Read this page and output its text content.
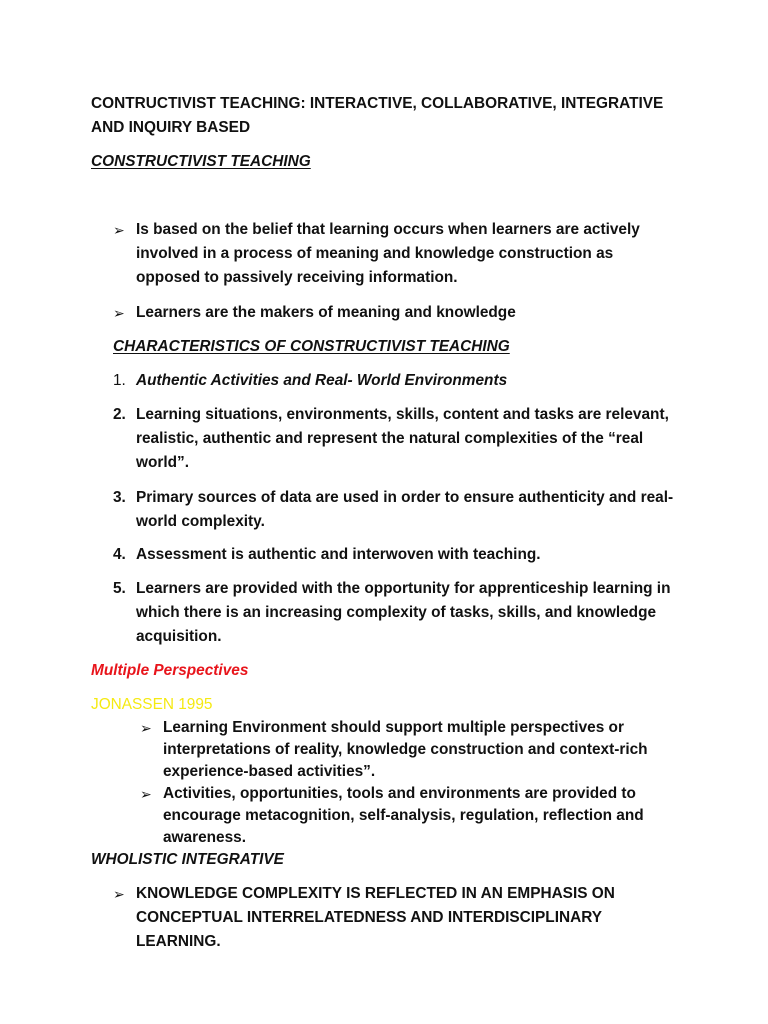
CONTRUCTIVIST TEACHING: INTERACTIVE, COLLABORATIVE, INTEGRATIVE AND INQUIRY BASED

CONSTRUCTIVIST TEACHING

➢ Is based on the belief that learning occurs when learners are actively involved in a process of meaning and knowledge construction as opposed to passively receiving information.

➢ Learners are the makers of meaning and knowledge

CHARACTERISTICS OF CONSTRUCTIVIST TEACHING

1. Authentic Activities and Real- World Environments

2. Learning situations, environments, skills, content and tasks are relevant, realistic, authentic and represent the natural complexities of the “real world”.

3. Primary sources of data are used in order to ensure authenticity and real-world complexity.

4. Assessment is authentic and interwoven with teaching.

5. Learners are provided with the opportunity for apprenticeship learning in which there is an increasing complexity of tasks, skills, and knowledge acquisition.

Multiple Perspectives

JONASSEN 1995

➢ Learning Environment should support multiple perspectives or interpretations of reality, knowledge construction and context-rich experience-based activities”.

➢ Activities, opportunities, tools and environments are provided to encourage metacognition, self-analysis, regulation, reflection and awareness.

WHOLISTIC INTEGRATIVE

➢ KNOWLEDGE COMPLEXITY IS REFLECTED IN AN EMPHASIS ON CONCEPTUAL INTERRELATEDNESS AND INTERDISCIPLINARY LEARNING.
